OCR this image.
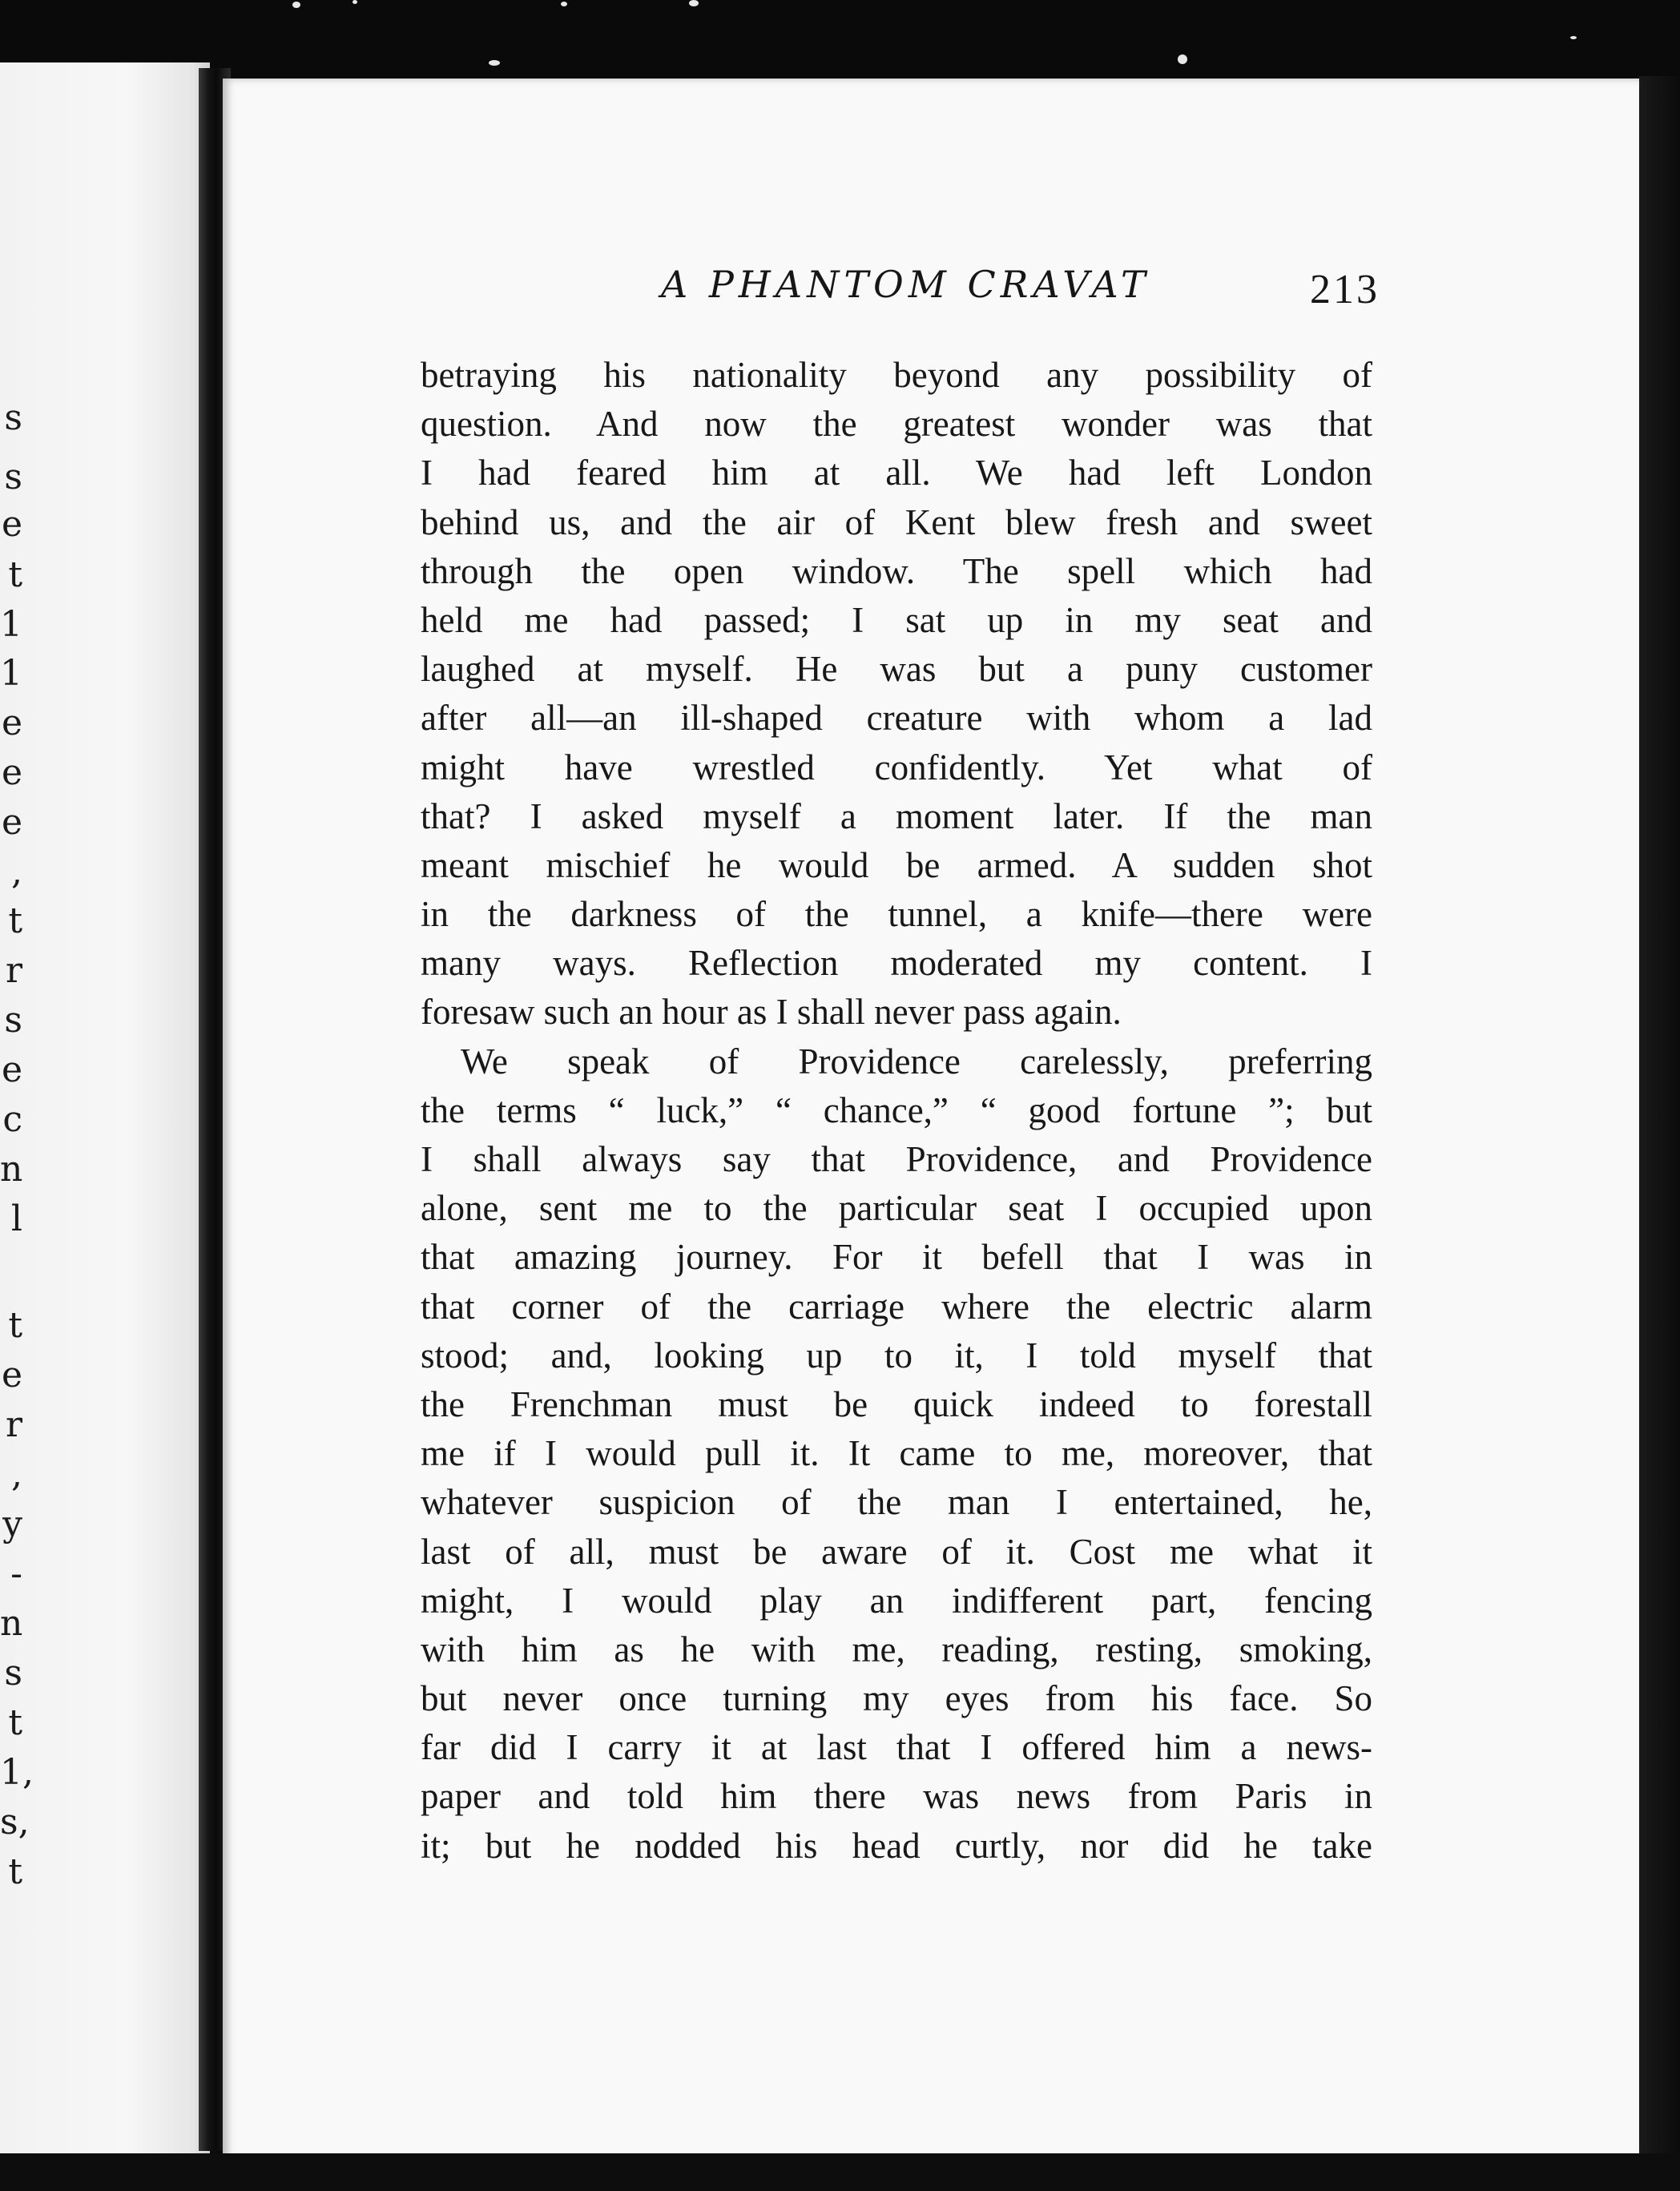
s
s
e
t
1
1
e
e
e
,
t
r
s
e
c
n
l
t
e
r
,
y
-
n
s
t
1,
s,
t
A PHANTOM CRAVAT	213
betraying his nationality beyond any possibility of
question. And now the greatest wonder was that
I had feared him at all. We had left London
behind us, and the air of Kent blew fresh and sweet
through the open window. The spell which had
held me had passed; I sat up in my seat and
laughed at myself. He was but a puny customer
after all—an ill-shaped creature with whom a lad
might have wrestled confidently. Yet what of
that? I asked myself a moment later. If the man
meant mischief he would be armed. A sudden shot
in the darkness of the tunnel, a knife—there were
many ways. Reflection moderated my content. I
foresaw such an hour as I shall never pass again.
We speak of Providence carelessly, preferring
the terms “ luck,” “ chance,” “ good fortune ”; but
I shall always say that Providence, and Providence
alone, sent me to the particular seat I occupied upon
that amazing journey. For it befell that I was in
that corner of the carriage where the electric alarm
stood; and, looking up to it, I told myself that
the Frenchman must be quick indeed to forestall
me if I would pull it. It came to me, moreover, that
whatever suspicion of the man I entertained, he,
last of all, must be aware of it. Cost me what it
might, I would play an indifferent part, fencing
with him as he with me, reading, resting, smoking,
but never once turning my eyes from his face. So
far did I carry it at last that I offered him a news-
paper and told him there was news from Paris in
it; but he nodded his head curtly, nor did he take
